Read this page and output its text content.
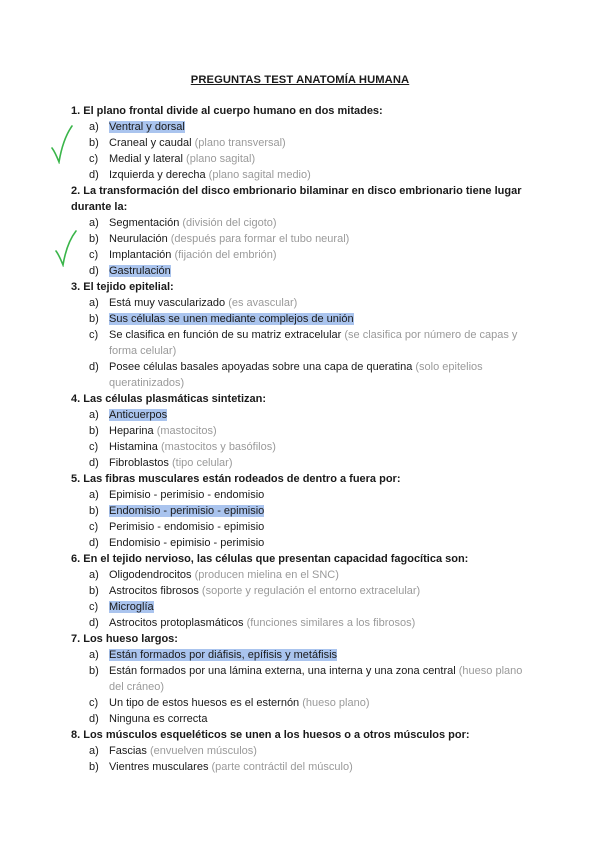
PREGUNTAS TEST ANATOMÍA HUMANA
1. El plano frontal divide al cuerpo humano en dos mitades:
a) Ventral y dorsal
b) Craneal y caudal (plano transversal)
c) Medial y lateral (plano sagital)
d) Izquierda y derecha (plano sagital medio)
2. La transformación del disco embrionario bilaminar en disco embrionario tiene lugar durante la:
a) Segmentación (división del cigoto)
b) Neurulación (después para formar el tubo neural)
c) Implantación (fijación del embrión)
d) Gastrulación
3. El tejido epitelial:
a) Está muy vascularizado (es avascular)
b) Sus células se unen mediante complejos de unión
c) Se clasifica en función de su matriz extracelular (se clasifica por número de capas y forma celular)
d) Posee células basales apoyadas sobre una capa de queratina (solo epitelios queratinizados)
4. Las células plasmáticas sintetizan:
a) Anticuerpos
b) Heparina (mastocitos)
c) Histamina (mastocitos y basófilos)
d) Fibroblastos (tipo celular)
5. Las fibras musculares están rodeados de dentro a fuera por:
a) Epimisio - perimisio - endomisio
b) Endomisio - perimisio - epimisio
c) Perimisio - endomisio - epimisio
d) Endomisio - epimisio - perimisio
6. En el tejido nervioso, las células que presentan capacidad fagocítica son:
a) Oligodendrocitos (producen mielina en el SNC)
b) Astrocitos fibrosos (soporte y regulación el entorno extracelular)
c) Microglía
d) Astrocitos protoplasmáticos (funciones similares a los fibrosos)
7. Los hueso largos:
a) Están formados por diáfisis, epífisis y metáfisis
b) Están formados por una lámina externa, una interna y una zona central (hueso plano del cráneo)
c) Un tipo de estos huesos es el esternón (hueso plano)
d) Ninguna es correcta
8. Los músculos esqueléticos se unen a los huesos o a otros músculos por:
a) Fascias (envuelven músculos)
b) Vientres musculares (parte contráctil del músculo)
